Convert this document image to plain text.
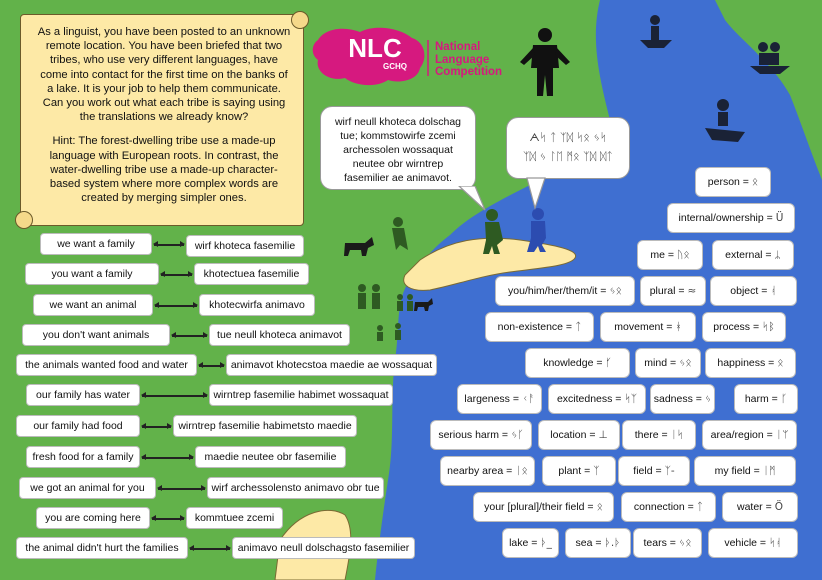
As a linguist, you have been posted to an unknown remote location. You have been briefed that two tribes, who use very different languages, have come into contact for the first time on the banks of a lake. It is your job to help them communicate. Can you work out what each tribe is saying using the translations we already know?

Hint: The forest-dwelling tribe use a made-up language with European roots. In contrast, the water-dwelling tribe use a made-up character-based system where more complex words are created by merging simpler ones.

NLC
GCHQ
National
Language
Competition
wirf neull khoteca dolschag tue; kommstowirfe zcemi archessolen wossaquat neutee obr wirntrep fasemilier ae animavot.
ᗅᛋ ᛏ ᛉᛞ ᛋᛟ ᛃᛋ
ᛉᛞ ᛃ ᛚᛖ ᛗᛟ ᛉᛞ ᛞᛏ
we want a family	wirf khoteca fasemilie
you want a family	khotectuea fasemilie
we want an animal	khotecwirfa animavo
you don't want animals	tue neull khoteca animavot
the animals wanted food and water	animavot khotecstoa maedie ae wossaquat
our family has water	wirntrep fasemilie habimet wossaquat
our family had food	wirntrep fasemilie habimetsto maedie
fresh food for a family	maedie neutee obr fasemilie
we got an animal for you	wirf archessolensto animavo obr tue
you are coming here	kommtuee zcemi
the animal didn't hurt the families	animavo neull dolschagsto fasemilier
person = ᛟ
internal/ownership = Ü
me = ᚢᛟ	external = ᛦ
you/him/her/them/it = ᛃᛟ	plural = ≈	object = ᚮ
non-existence = ᛏ	movement = ᚼ	process = ᛋᛒ
knowledge = ᚶ	mind = ᛃᛟ happiness = ᛟ
largeness = ᚲᚨ excitedness = ᛋᛉ sadness = ᛃ	harm = ᚴ
serious harm = ᛃᚴ	location = ⊥	there = ᛁᛋ	area/region = ᛁᛘ
nearby area = ᛁᛟ	plant = ᛉ	field = ᛉ-	my field = ᛁᛗ
your [plural]/their field = ᛟ	connection = ᛏ	water = Ö
lake = ᚦ_ sea = ᚦ.ᚦ tears = ᛃᛟ	vehicle = ᛋᚮ
